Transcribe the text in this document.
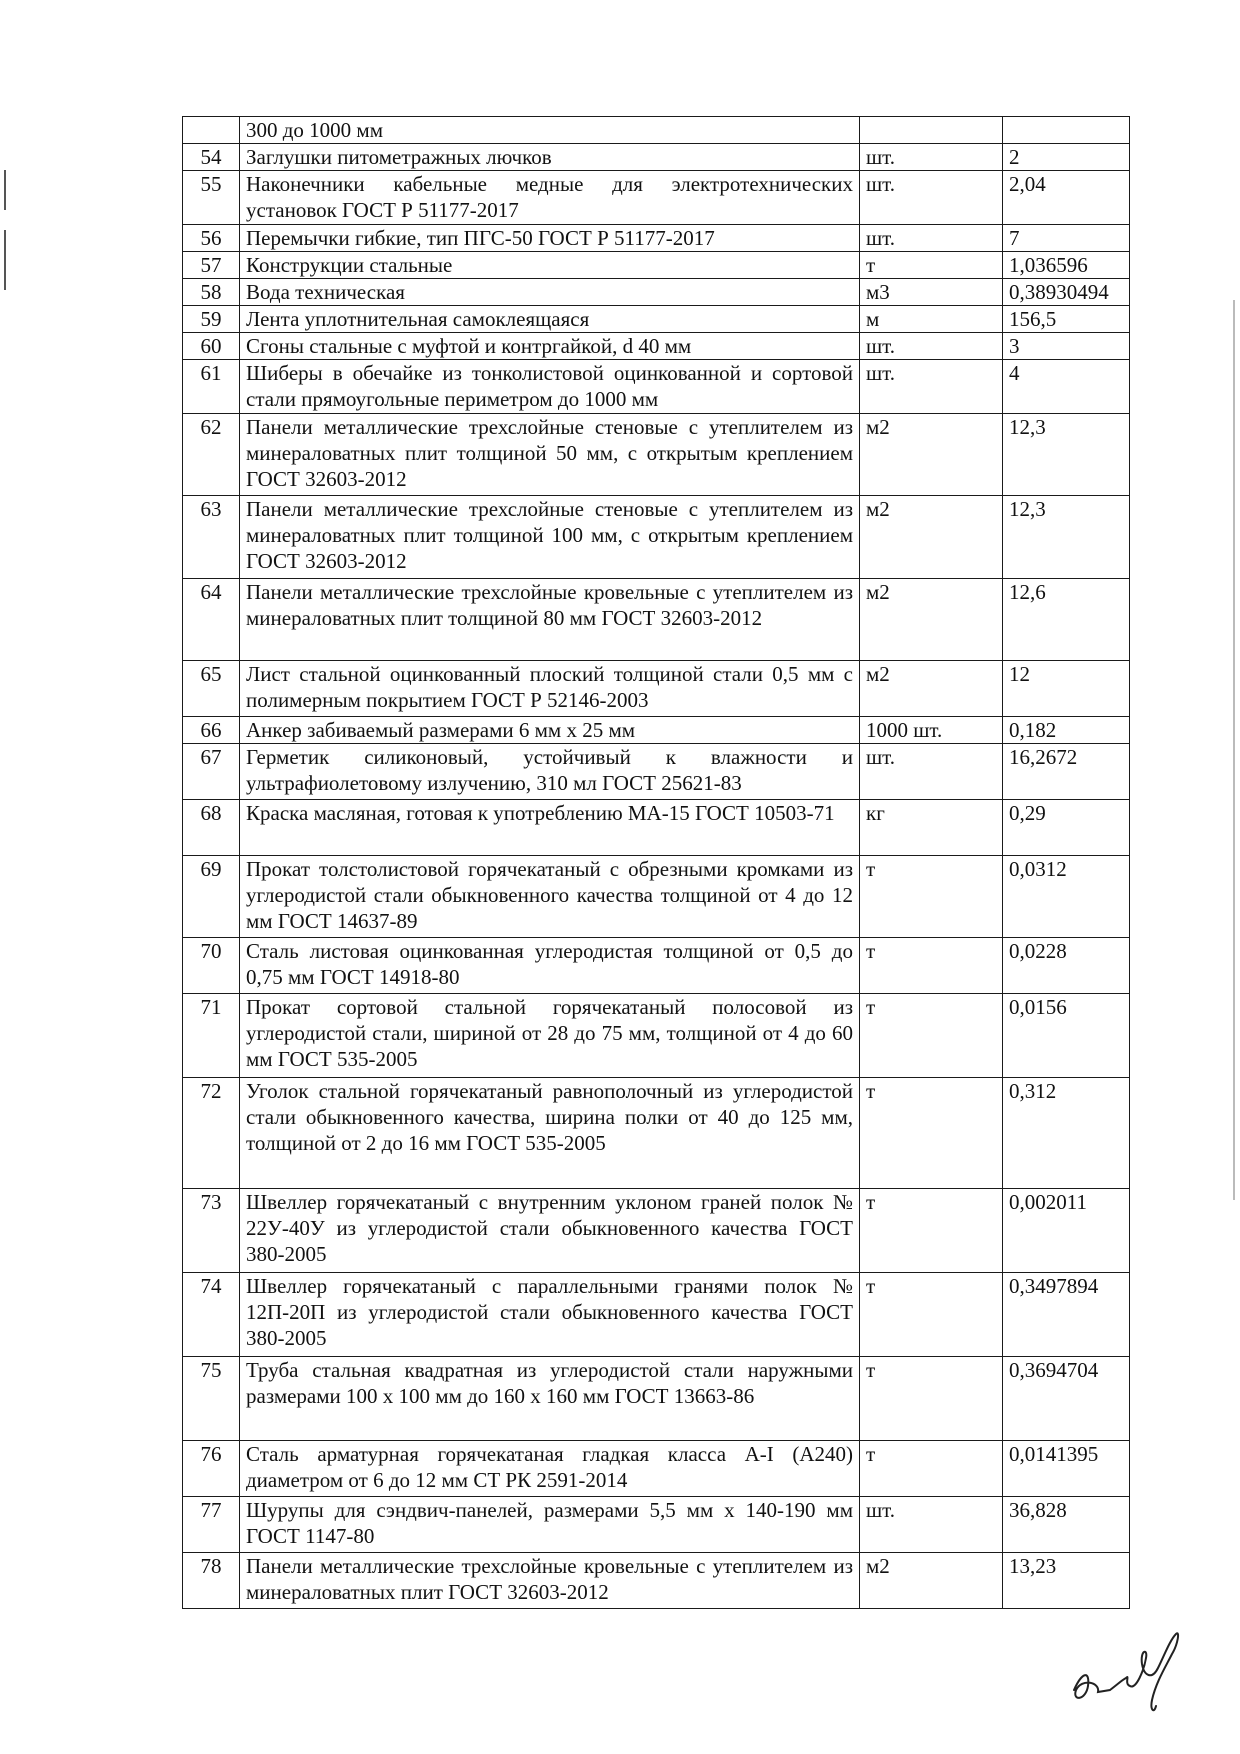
	300 до 1000 мм		
54	Заглушки питометражных лючков	шт.	2
55	Наконечники кабельные медные для электротехнических установок ГОСТ Р 51177-2017	шт.	2,04
56	Перемычки гибкие, тип ПГС-50 ГОСТ Р 51177-2017	шт.	7
57	Конструкции стальные	т	1,036596
58	Вода техническая	м3	0,38930494
59	Лента уплотнительная самоклеящаяся	м	156,5
60	Сгоны стальные с муфтой и контргайкой, d 40 мм	шт.	3
61	Шиберы в обечайке из тонколистовой оцинкованной и сортовой стали прямоугольные периметром до 1000 мм	шт.	4
62	Панели металлические трехслойные стеновые с утеплителем из минераловатных плит толщиной 50 мм, с открытым креплением ГОСТ 32603-2012	м2	12,3
63	Панели металлические трехслойные стеновые с утеплителем из минераловатных плит толщиной 100 мм, с открытым креплением ГОСТ 32603-2012	м2	12,3
64	Панели металлические трехслойные кровельные с утеплителем из минераловатных плит толщиной 80 мм ГОСТ 32603-2012	м2	12,6
65	Лист стальной оцинкованный плоский толщиной стали 0,5 мм с полимерным покрытием ГОСТ Р 52146-2003	м2	12
66	Анкер забиваемый размерами 6 мм x 25 мм	1000 шт.	0,182
67	Герметик силиконовый, устойчивый к влажности и ультрафиолетовому излучению, 310 мл ГОСТ 25621-83	шт.	16,2672
68	Краска масляная, готовая к употреблению МА-15 ГОСТ 10503-71	кг	0,29
69	Прокат толстолистовой горячекатаный с обрезными кромками из углеродистой стали обыкновенного качества толщиной от 4 до 12 мм ГОСТ 14637-89	т	0,0312
70	Сталь листовая оцинкованная углеродистая толщиной от 0,5 до 0,75 мм ГОСТ 14918-80	т	0,0228
71	Прокат сортовой стальной горячекатаный полосовой из углеродистой стали, шириной от 28 до 75 мм, толщиной от 4 до 60 мм ГОСТ 535-2005	т	0,0156
72	Уголок стальной горячекатаный равнополочный из углеродистой стали обыкновенного качества, ширина полки от 40 до 125 мм, толщиной от 2 до 16 мм ГОСТ 535-2005	т	0,312
73	Швеллер горячекатаный с внутренним уклоном граней полок № 22У-40У из углеродистой стали обыкновенного качества ГОСТ 380-2005	т	0,002011
74	Швеллер горячекатаный с параллельными гранями полок № 12П-20П из углеродистой стали обыкновенного качества ГОСТ 380-2005	т	0,3497894
75	Труба стальная квадратная из углеродистой стали наружными размерами 100 x 100 мм до 160 x 160 мм ГОСТ 13663-86	т	0,3694704
76	Сталь арматурная горячекатаная гладкая класса A-I (A240) диаметром от 6 до 12 мм СТ РК 2591-2014	т	0,0141395
77	Шурупы для сэндвич-панелей, размерами 5,5 мм x 140-190 мм ГОСТ 1147-80	шт.	36,828
78	Панели металлические трехслойные кровельные с утеплителем из минераловатных плит ГОСТ 32603-2012	м2	13,23
